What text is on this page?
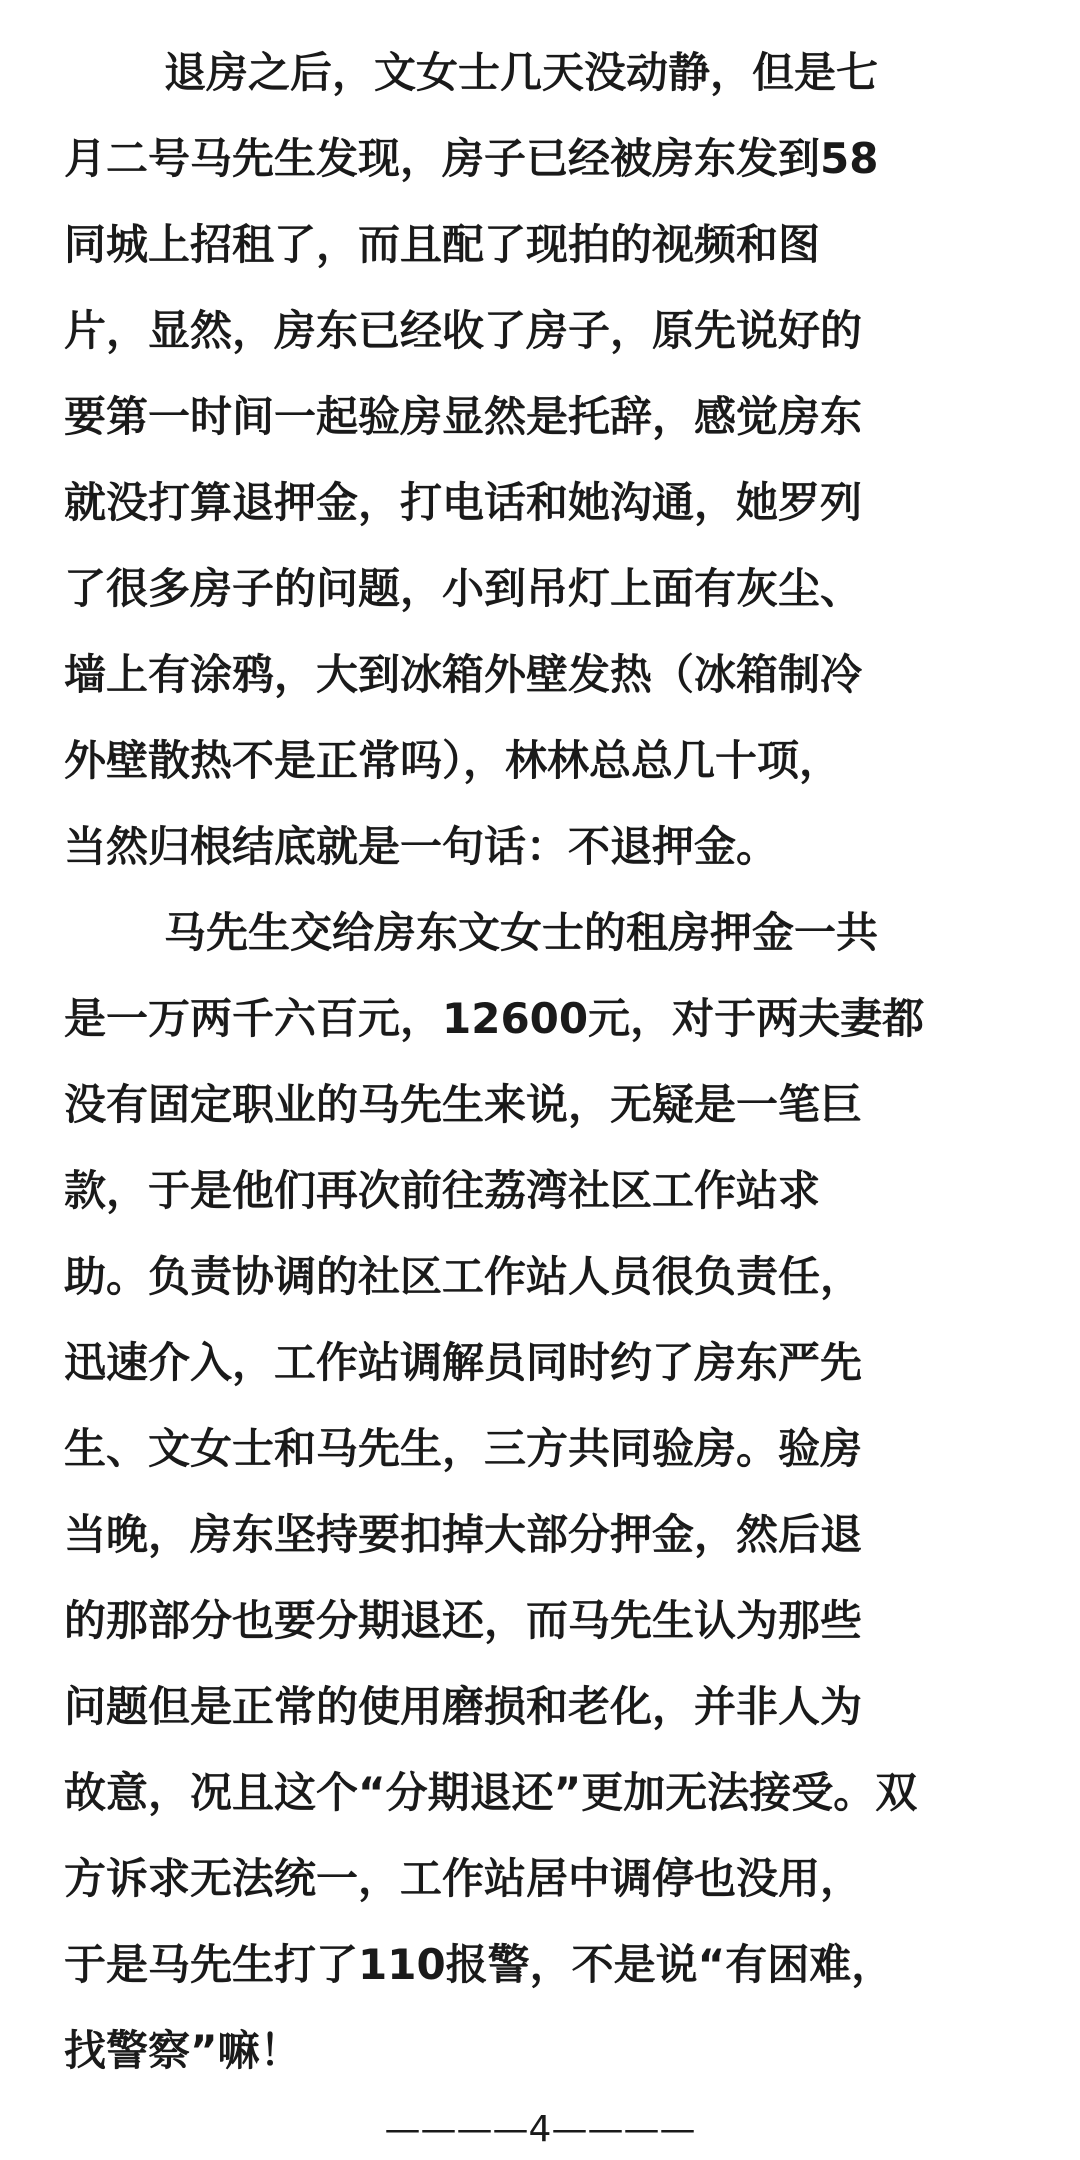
退房之后，文女士几天没动静，但是七
月二号马先生发现，房子已经被房东发到58
同城上招租了，而且配了现拍的视频和图
片，显然，房东已经收了房子，原先说好的
要第一时间一起验房显然是托辞，感觉房东
就没打算退押金，打电话和她沟通，她罗列
了很多房子的问题，小到吊灯上面有灰尘、
墙上有涂鸦，大到冰箱外壁发热（冰箱制冷
外壁散热不是正常吗），林林总总几十项，
当然归根结底就是一句话：不退押金。
马先生交给房东文女士的租房押金一共
是一万两千六百元，12600元，对于两夫妻都
没有固定职业的马先生来说，无疑是一笔巨
款，于是他们再次前往荔湾社区工作站求
助。负责协调的社区工作站人员很负责任，
迅速介入，工作站调解员同时约了房东严先
生、文女士和马先生，三方共同验房。验房
当晚，房东坚持要扣掉大部分押金，然后退
的那部分也要分期退还，而马先生认为那些
问题但是正常的使用磨损和老化，并非人为
故意，况且这个“分期退还”更加无法接受。双
方诉求无法统一，工作站居中调停也没用，
于是马先生打了110报警，不是说“有困难，
找警察”嘛！
————4————
